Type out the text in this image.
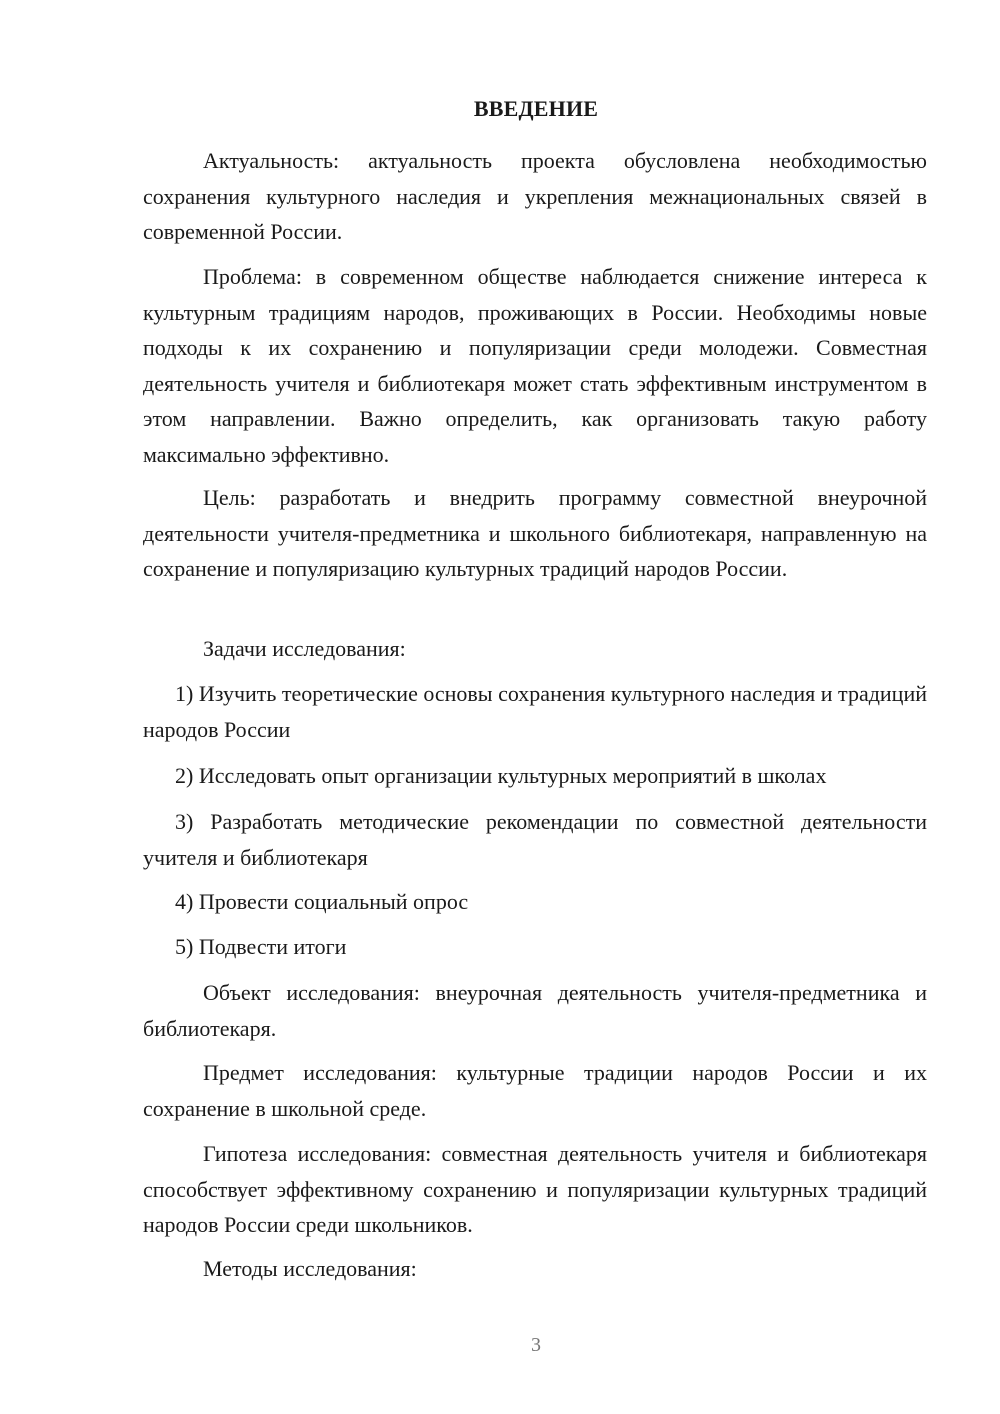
ВВЕДЕНИЕ

Актуальность: актуальность проекта обусловлена необходимостью сохранения культурного наследия и укрепления межнациональных связей в современной России.

Проблема: в современном обществе наблюдается снижение интереса к культурным традициям народов, проживающих в России. Необходимы новые подходы к их сохранению и популяризации среди молодежи. Совместная деятельность учителя и библиотекаря может стать эффективным инструментом в этом направлении. Важно определить, как организовать такую работу максимально эффективно.

Цель: разработать и внедрить программу совместной внеурочной деятельности учителя-предметника и школьного библиотекаря, направленную на сохранение и популяризацию культурных традиций народов России.

Задачи исследования:

1) Изучить теоретические основы сохранения культурного наследия и традиций народов России

2) Исследовать опыт организации культурных мероприятий в школах

3) Разработать методические рекомендации по совместной деятельности учителя и библиотекаря

4) Провести социальный опрос

5) Подвести итоги

Объект исследования: внеурочная деятельность учителя-предметника и библиотекаря.

Предмет исследования: культурные традиции народов России и их сохранение в школьной среде.

Гипотеза исследования: совместная деятельность учителя и библиотекаря способствует эффективному сохранению и популяризации культурных традиций народов России среди школьников.

Методы исследования:

3
